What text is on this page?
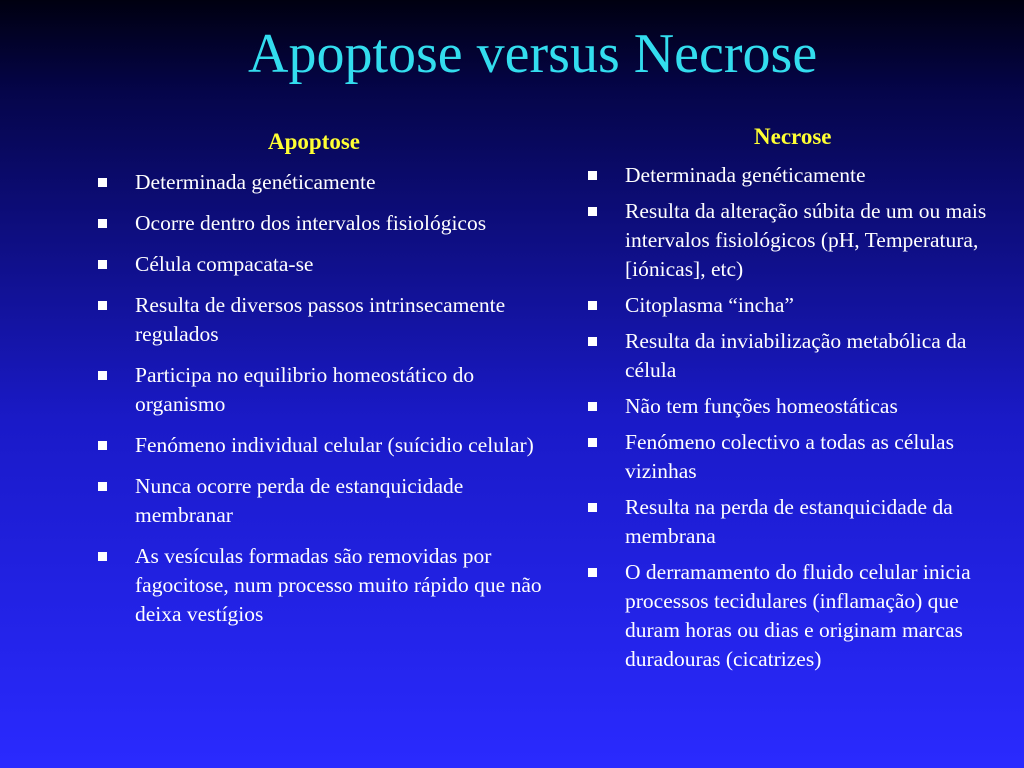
Apoptose versus Necrose
Apoptose
Determinada genéticamente
Ocorre dentro dos intervalos fisiológicos
Célula compacata-se
Resulta de diversos passos intrinsecamente regulados
Participa no equilibrio homeostático do organismo
Fenómeno individual celular (suícidio celular)
Nunca ocorre perda de estanquicidade membranar
As vesículas formadas são removidas por fagocitose, num processo muito rápido que não deixa vestígios
Necrose
Determinada genéticamente
Resulta da alteração súbita de um ou mais intervalos fisiológicos (pH, Temperatura, [iónicas], etc)
Citoplasma “incha”
Resulta da inviabilização metabólica da célula
Não tem funções homeostáticas
Fenómeno colectivo a todas as células vizinhas
Resulta na perda de estanquicidade da membrana
O derramamento do fluido celular inicia processos tecidulares (inflamação) que duram horas ou dias e originam marcas duradouras (cicatrizes)
